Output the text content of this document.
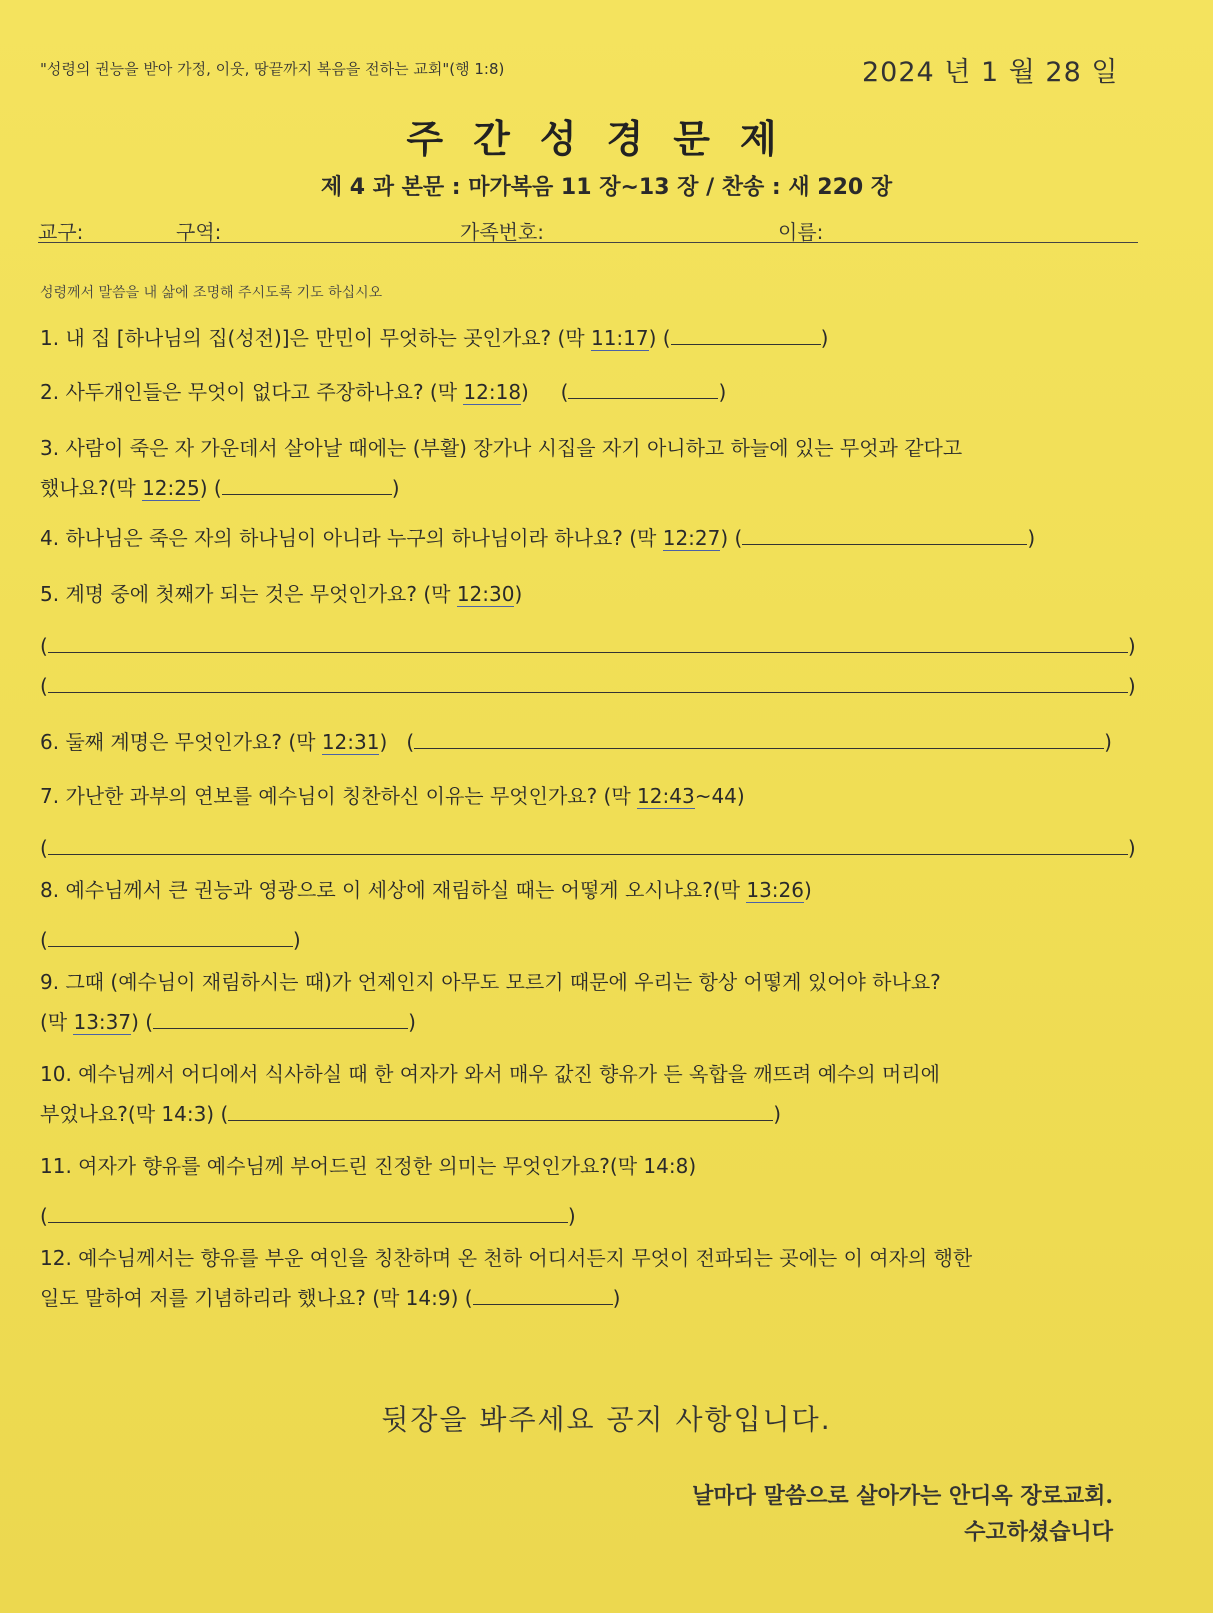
"성령의 권능을 받아 가정, 이웃, 땅끝까지 복음을 전하는 교회"(행 1:8)	2024 년 1 월 28 일
주간성경문제
제 4 과 본문 : 마가복음 11 장~13 장 / 찬송 : 새 220 장
교구:	구역:	가족번호:	이름:
성령께서 말씀을 내 삶에 조명해 주시도록 기도 하십시오
1. 내 집 [하나님의 집(성전)]은 만민이 무엇하는 곳인가요? (막 11:17) (	)
2. 사두개인들은 무엇이 없다고 주장하나요? (막 12:18)     (	)
3. 사람이 죽은 자 가운데서 살아날 때에는 (부활) 장가나 시집을 자기 아니하고 하늘에 있는 무엇과 같다고
했나요?(막 12:25) (	)
4. 하나님은 죽은 자의 하나님이 아니라 누구의 하나님이라 하나요? (막 12:27) (	)
5. 계명 중에 첫째가 되는 것은 무엇인가요? (막 12:30)
(	)
(	)
6. 둘째 계명은 무엇인가요? (막 12:31)   (	)
7. 가난한 과부의 연보를 예수님이 칭찬하신 이유는 무엇인가요? (막 12:43~44)
(	)
8. 예수님께서 큰 권능과 영광으로 이 세상에 재림하실 때는 어떻게 오시나요?(막 13:26)
(	)
9. 그때 (예수님이 재림하시는 때)가 언제인지 아무도 모르기 때문에 우리는 항상 어떻게 있어야 하나요?
(막 13:37) (	)
10. 예수님께서 어디에서 식사하실 때 한 여자가 와서 매우 값진 향유가 든 옥합을 깨뜨려 예수의 머리에
부었나요?(막 14:3) (	)
11. 여자가 향유를 예수님께 부어드린 진정한 의미는 무엇인가요?(막 14:8)
(	)
12. 예수님께서는 향유를 부운 여인을 칭찬하며 온 천하 어디서든지 무엇이 전파되는 곳에는 이 여자의 행한
일도 말하여 저를 기념하리라 했나요? (막 14:9) (	)
뒷장을 봐주세요 공지 사항입니다.
날마다 말씀으로 살아가는 안디옥 장로교회.
수고하셨습니다
